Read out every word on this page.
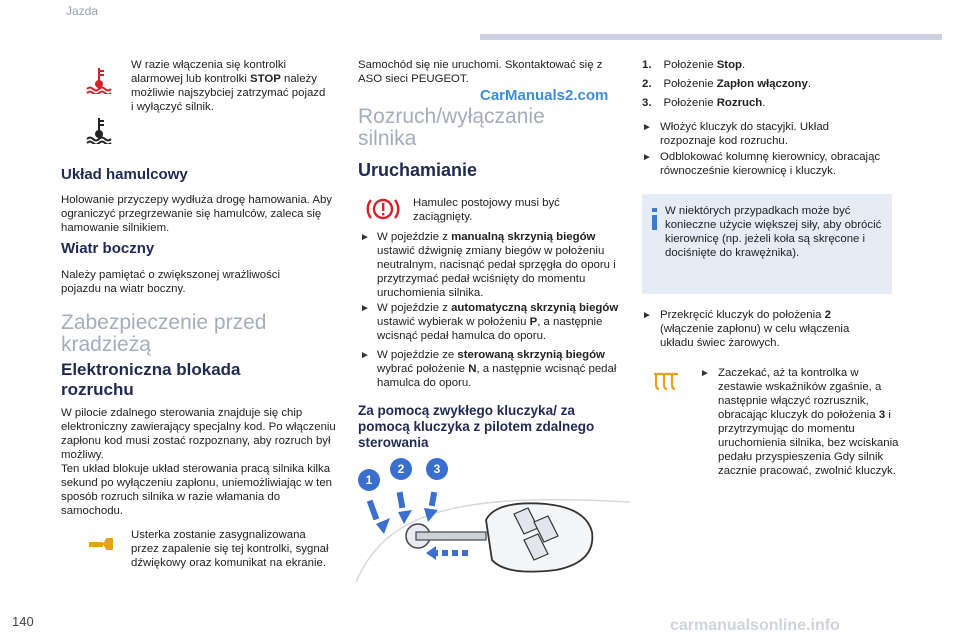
Jazda
W razie włączenia się kontrolki alarmowej lub kontrolki STOP należy możliwie najszybciej zatrzymać pojazd i wyłączyć silnik.
Układ hamulcowy
Holowanie przyczepy wydłuża drogę hamowania. Aby ograniczyć przegrzewanie się hamulców, zaleca się hamowanie silnikiem.
Wiatr boczny
Należy pamiętać o zwiększonej wrażliwości pojazdu na wiatr boczny.
Zabezpieczenie przed kradzieżą
Elektroniczna blokada rozruchu
W pilocie zdalnego sterowania znajduje się chip elektroniczny zawierający specjalny kod. Po włączeniu zapłonu kod musi zostać rozpoznany, aby rozruch był możliwy.
Ten układ blokuje układ sterowania pracą silnika kilka sekund po wyłączeniu zapłonu, uniemożliwiając w ten sposób rozruch silnika w razie włamania do samochodu.
Usterka zostanie zasygnalizowana przez zapalenie się tej kontrolki, sygnał dźwiękowy oraz komunikat na ekranie.
Samochód się nie uruchomi. Skontaktować się z ASO sieci PEUGEOT.
CarManuals2.com
Rozruch/wyłączanie silnika
Uruchamianie
Hamulec postojowy musi być zaciągnięty.
► W pojeździe z manualną skrzynią biegów ustawić dźwignię zmiany biegów w położeniu neutralnym, nacisnąć pedał sprzęgła do oporu i przytrzymać pedał wciśnięty do momentu uruchomienia silnika.
► W pojeździe z automatyczną skrzynią biegów ustawić wybierak w położeniu P, a następnie wcisnąć pedał hamulca do oporu.
► W pojeździe ze sterowaną skrzynią biegów wybrać położenie N, a następnie wcisnąć pedał hamulca do oporu.
Za pomocą zwykłego kluczyka/ za pomocą kluczyka z pilotem zdalnego sterowania
1
2	3
1. Położenie Stop.
2. Położenie Zapłon włączony.
3. Położenie Rozruch.
► Włożyć kluczyk do stacyjki. Układ rozpoznaje kod rozruchu.
► Odblokować kolumnę kierownicy, obracając równocześnie kierownicę i kluczyk.
W niektórych przypadkach może być konieczne użycie większej siły, aby obrócić kierownicę (np. jeżeli koła są skręcone i dociśnięte do krawężnika).
► Przekręcić kluczyk do położenia 2 (włączenie zapłonu) w celu włączenia układu świec żarowych.
► Zaczekać, aż ta kontrolka w zestawie wskaźników zgaśnie, a następnie włączyć rozrusznik, obracając kluczyk do położenia 3 i przytrzymując do momentu uruchomienia silnika, bez wciskania pedału przyspieszenia Gdy silnik zacznie pracować, zwolnić kluczyk.
140	carmanualsonline.info
